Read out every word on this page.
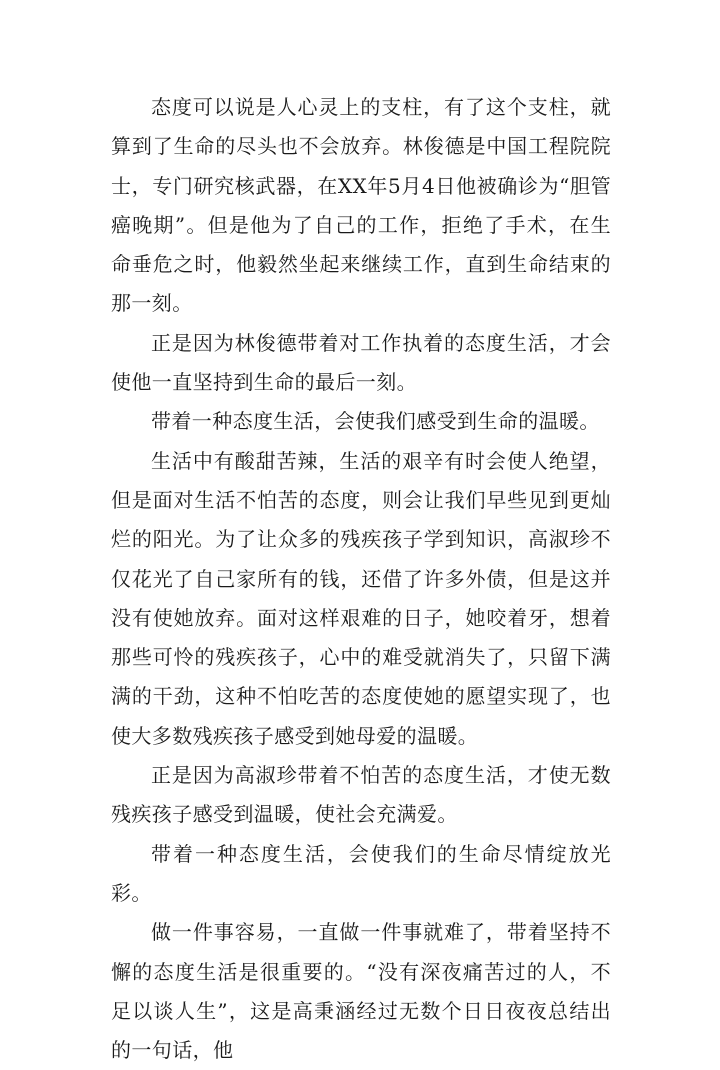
态度可以说是人心灵上的支柱，有了这个支柱，就算到了生命的尽头也不会放弃。林俊德是中国工程院院士，专门研究核武器，在XX年5月4日他被确诊为“胆管癌晚期”。但是他为了自己的工作，拒绝了手术，在生命垂危之时，他毅然坐起来继续工作，直到生命结束的那一刻。

正是因为林俊德带着对工作执着的态度生活，才会使他一直坚持到生命的最后一刻。

带着一种态度生活，会使我们感受到生命的温暖。

生活中有酸甜苦辣，生活的艰辛有时会使人绝望，但是面对生活不怕苦的态度，则会让我们早些见到更灿烂的阳光。为了让众多的残疾孩子学到知识，高淑珍不仅花光了自己家所有的钱，还借了许多外债，但是这并没有使她放弃。面对这样艰难的日子，她咬着牙，想着那些可怜的残疾孩子，心中的难受就消失了，只留下满满的干劲，这种不怕吃苦的态度使她的愿望实现了，也使大多数残疾孩子感受到她母爱的温暖。

正是因为高淑珍带着不怕苦的态度生活，才使无数残疾孩子感受到温暖，使社会充满爱。

带着一种态度生活，会使我们的生命尽情绽放光彩。

做一件事容易，一直做一件事就难了，带着坚持不懈的态度生活是很重要的。“没有深夜痛苦过的人，不足以谈人生”，这是高秉涵经过无数个日日夜夜总结出的一句话，他
